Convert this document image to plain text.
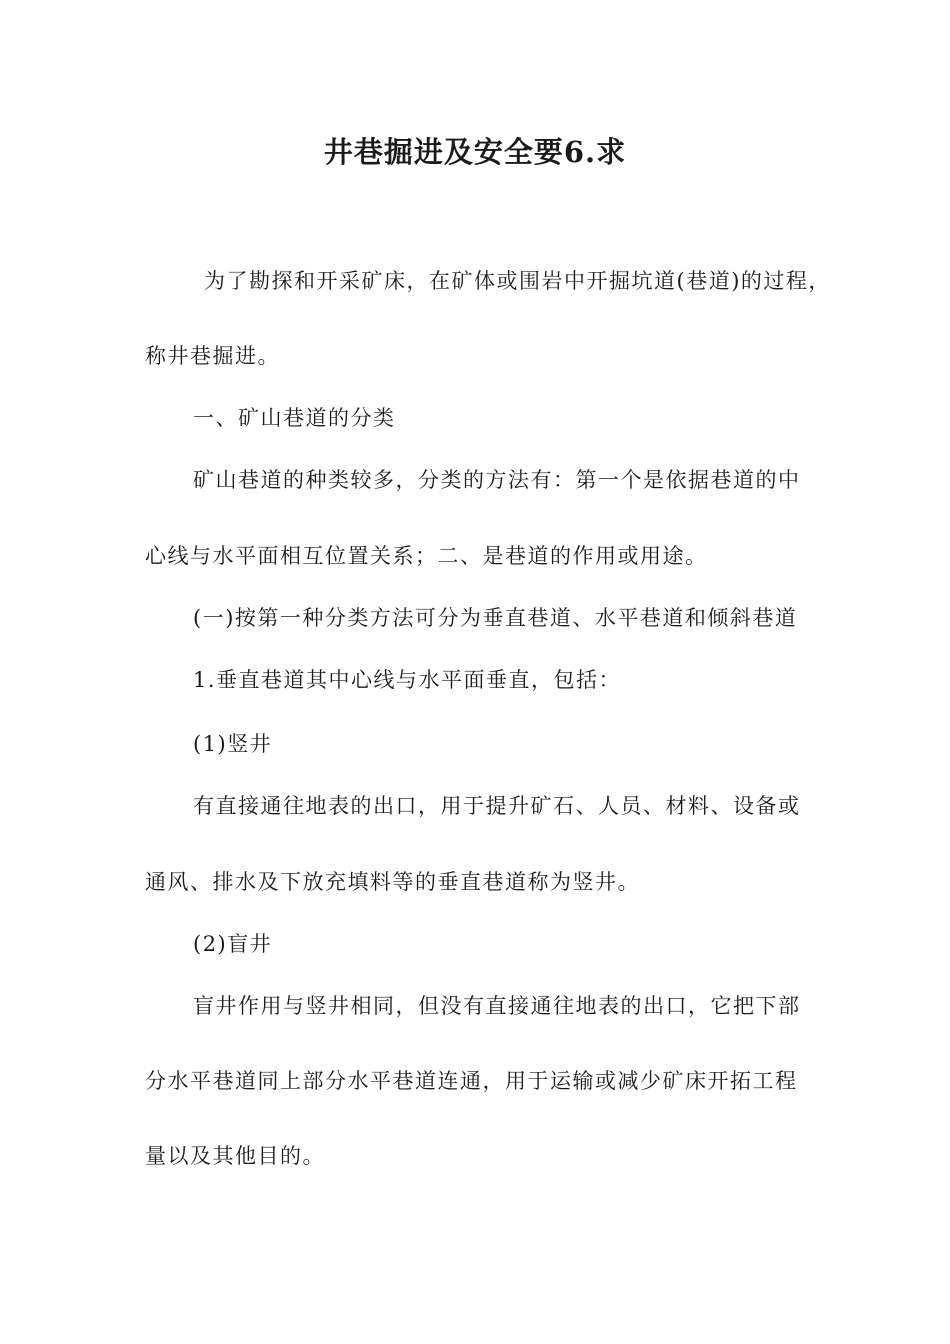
井巷掘进及安全要6.求
为了勘探和开采矿床，在矿体或围岩中开掘坑道(巷道)的过程，
称井巷掘进。
一、矿山巷道的分类
矿山巷道的种类较多，分类的方法有：第一个是依据巷道的中
心线与水平面相互位置关系；二、是巷道的作用或用途。
(一)按第一种分类方法可分为垂直巷道、水平巷道和倾斜巷道
1.垂直巷道其中心线与水平面垂直，包括：
(1)竖井
有直接通往地表的出口，用于提升矿石、人员、材料、设备或
通风、排水及下放充填料等的垂直巷道称为竖井。
(2)盲井
盲井作用与竖井相同，但没有直接通往地表的出口，它把下部
分水平巷道同上部分水平巷道连通，用于运输或减少矿床开拓工程
量以及其他目的。
